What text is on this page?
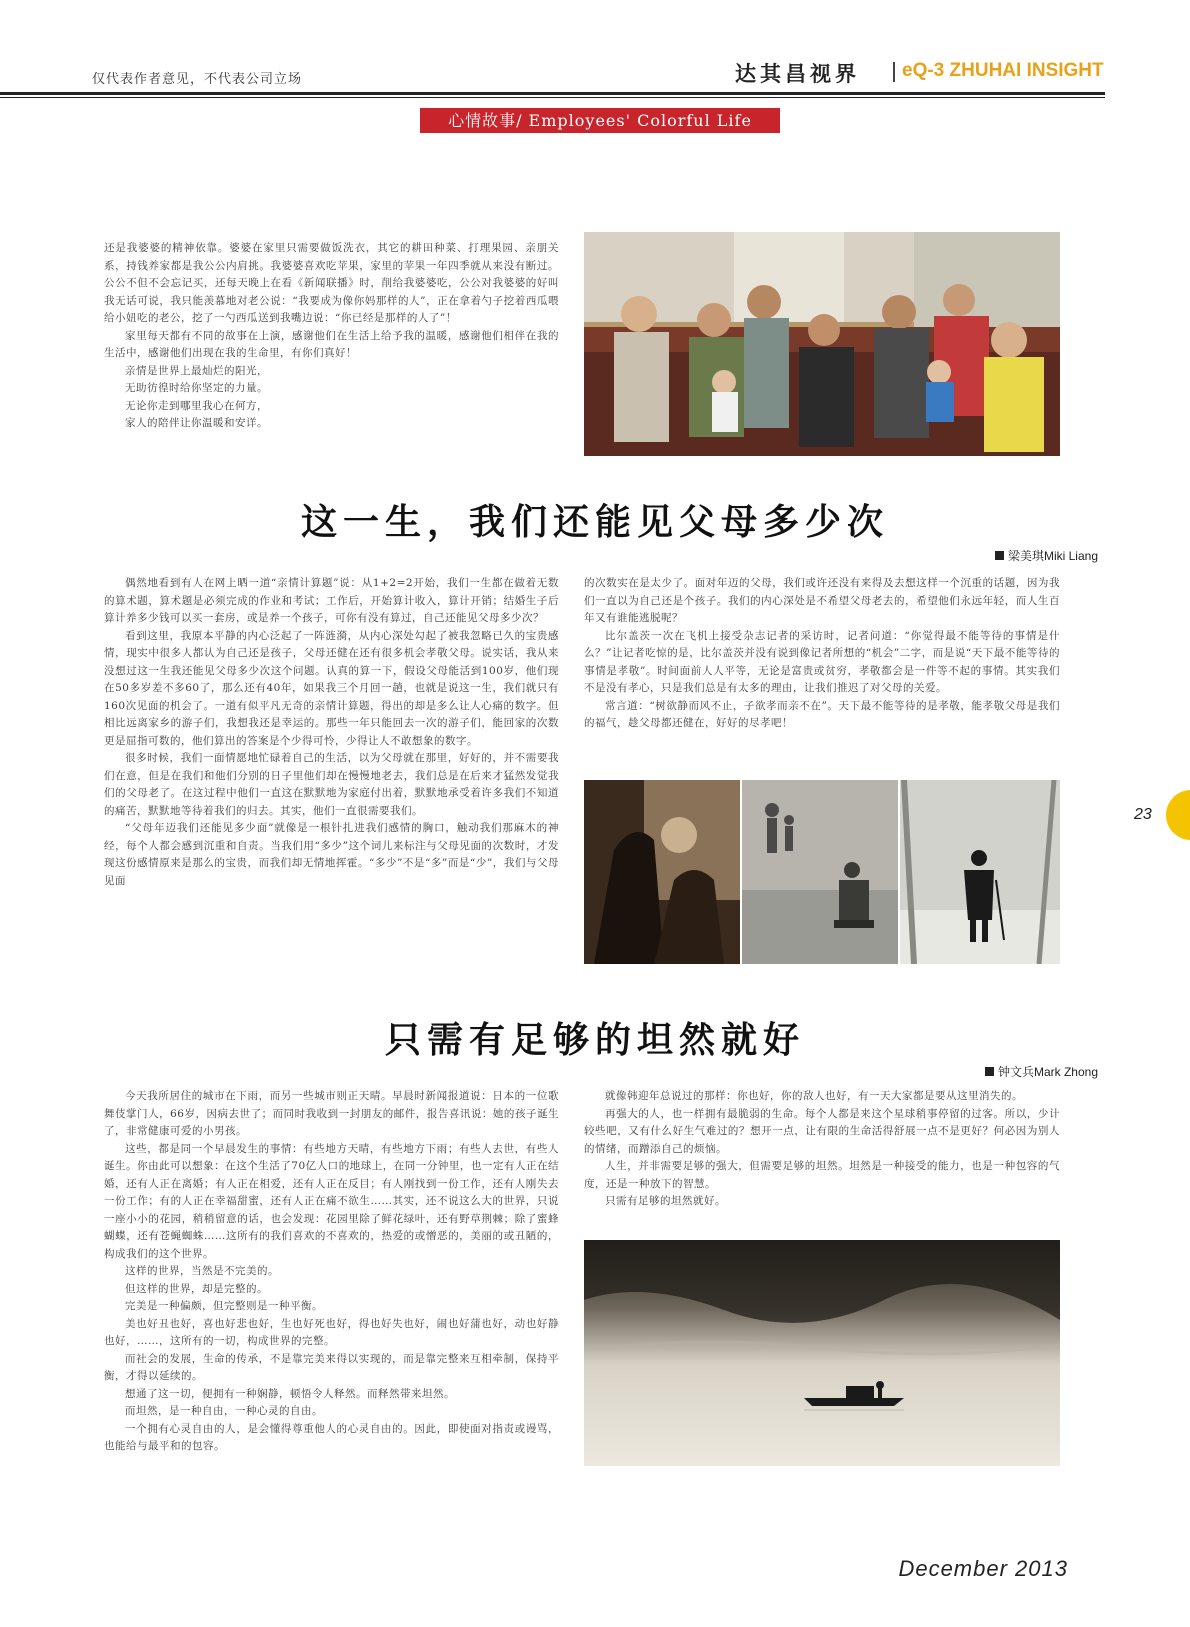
仅代表作者意见，不代表公司立场	达其昌视界 eQ-3 ZHUHAI INSIGHT
心情故事/ Employees' Colorful Life

还是我婆婆的精神依靠。婆婆在家里只需要做饭洗衣，其它的耕田种菜、打理果园、亲朋关系，持钱养家都是我公公内肩挑。我婆婆喜欢吃苹果，家里的苹果一年四季就从来没有断过。公公不但不会忘记买，还每天晚上在看《新闻联播》时，削给我婆婆吃，公公对我婆婆的好叫我无话可说，我只能羡慕地对老公说：“我要成为像你妈那样的人”，正在拿着勺子挖着西瓜喂给小妞吃的老公，挖了一勺西瓜送到我嘴边说：“你已经是那样的人了”！

家里每天都有不同的故事在上演，感谢他们在生活上给予我的温暖，感谢他们相伴在我的生活中，感谢他们出现在我的生命里，有你们真好！

亲情是世界上最灿烂的阳光，

无助彷徨时给你坚定的力量。

无论你走到哪里我心在何方，

家人的陪伴让你温暖和安详。

这一生，我们还能见父母多少次
梁美琪Miki Liang

偶然地看到有人在网上晒一道“亲情计算题”说：从1+2=2开始，我们一生都在做着无数的算术题，算术题是必须完成的作业和考试；工作后，开始算计收入，算计开销；结婚生子后算计养多少钱可以买一套房，或是养一个孩子，可你有没有算过，自己还能见父母多少次？

看到这里，我原本平静的内心泛起了一阵涟漪，从内心深处勾起了被我忽略已久的宝贵感情，现实中很多人都认为自己还是孩子，父母还健在还有很多机会孝敬父母。说实话，我从来没想过这一生我还能见父母多少次这个问题。认真的算一下，假设父母能活到100岁，他们现在50多岁差不多60了，那么还有40年，如果我三个月回一趟，也就是说这一生，我们就只有160次见面的机会了。一道有似平凡无奇的亲情计算题，得出的却是多么让人心痛的数字。但相比远离家乡的游子们，我想我还是幸运的。那些一年只能回去一次的游子们，能回家的次数更是屈指可数的，他们算出的答案是个少得可怜，少得让人不敢想象的数字。

很多时候，我们一面情愿地忙碌着自己的生活，以为父母就在那里，好好的，并不需要我们在意，但是在我们和他们分别的日子里他们却在慢慢地老去，我们总是在后来才猛然发觉我们的父母老了。在这过程中他们一直这在默默地为家庭付出着，默默地承受着许多我们不知道的痛苦，默默地等待着我们的归去。其实，他们一直很需要我们。

“父母年迈我们还能见多少面”就像是一根针扎进我们感情的胸口，触动我们那麻木的神经，每个人都会感到沉重和自责。当我们用“多少”这个词儿来标注与父母见面的次数时，才发现这份感情原来是那么的宝贵，而我们却无情地挥霍。“多少”不是“多”而是“少”，我们与父母见面

的次数实在是太少了。面对年迈的父母，我们或许还没有来得及去想这样一个沉重的话题，因为我们一直以为自己还是个孩子。我们的内心深处是不希望父母老去的，希望他们永远年轻，而人生百年又有谁能逃脱呢？

比尔盖茨一次在飞机上接受杂志记者的采访时，记者问道：“你觉得最不能等待的事情是什么？”让记者吃惊的是，比尔盖茨并没有说到像记者所想的“机会”二字，而是说“天下最不能等待的事情是孝敬”。时间面前人人平等，无论是富贵或贫穷，孝敬都会是一件等不起的事情。其实我们不是没有孝心，只是我们总是有太多的理由，让我们推迟了对父母的关爱。

常言道：“树欲静而风不止，子欲孝而亲不在”。天下最不能等待的是孝敬，能孝敬父母是我们的福气，趁父母都还健在，好好的尽孝吧！

只需有足够的坦然就好
钟文兵Mark Zhong

今天我所居住的城市在下雨，而另一些城市则正天晴。早晨时新闻报道说：日本的一位歌舞伎掌门人，66岁，因病去世了；而同时我收到一封朋友的邮件，报告喜讯说：她的孩子诞生了，非常健康可爱的小男孩。

这些，都是同一个早晨发生的事情：有些地方天晴，有些地方下雨；有些人去世，有些人诞生。你由此可以想象：在这个生活了70亿人口的地球上，在同一分钟里，也一定有人正在结婚，还有人正在离婚；有人正在相爱，还有人正在反目；有人刚找到一份工作，还有人刚失去一份工作；有的人正在幸福甜蜜，还有人正在痛不欲生……其实，还不说这么大的世界，只说一座小小的花园，稍稍留意的话，也会发现：花园里除了鲜花绿叶，还有野草荆棘；除了蜜蜂蝴蝶，还有苍蝇蜘蛛……这所有的我们喜欢的不喜欢的，热爱的或憎恶的，美丽的或丑陋的，构成我们的这个世界。

这样的世界，当然是不完美的。

但这样的世界，却是完整的。

完美是一种偏颇，但完整则是一种平衡。

美也好丑也好，喜也好悲也好，生也好死也好，得也好失也好，闹也好蒲也好，动也好静也好，……，这所有的一切，构成世界的完整。

而社会的发展，生命的传承，不是靠完美来得以实现的，而是靠完整来互相牵制，保持平衡，才得以延续的。

想通了这一切，便拥有一种娴静，顿悟令人释然。而释然带来坦然。

而坦然，是一种自由，一种心灵的自由。

一个拥有心灵自由的人，是会懂得尊重他人的心灵自由的。因此，即使面对指责或谩骂，也能给与最平和的包容。

就像韩迎年总说过的那样：你也好，你的敌人也好，有一天大家都是要从这里消失的。

再强大的人，也一样拥有最脆弱的生命。每个人都是来这个星球稍事停留的过客。所以，少计较些吧，又有什么好生气难过的？想开一点，让有限的生命活得舒展一点不是更好？何必因为别人的情绪，而蹭添自己的烦恼。

人生，并非需要足够的强大，但需要足够的坦然。坦然是一种接受的能力，也是一种包容的气度，还是一种放下的智慧。

只需有足够的坦然就好。

23
December 2013
